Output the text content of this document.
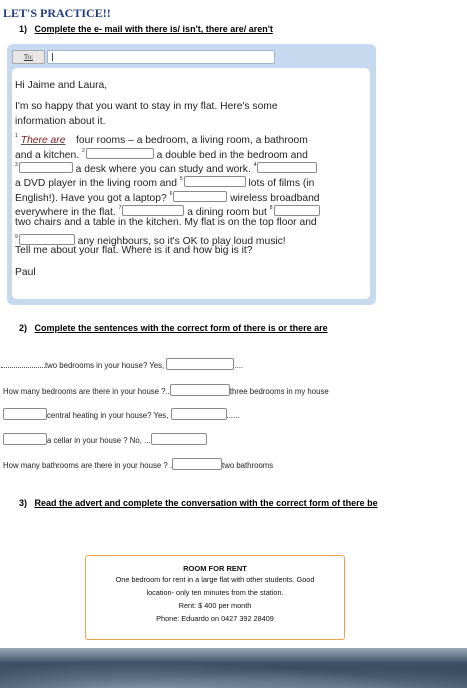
LET'S PRACTICE!!
1) Complete the e- mail with there is/ isn't, there are/ aren't
To:
Hi Jaime and Laura,
I'm so happy that you want to stay in my flat. Here's some
information about it.
$^1$ There are four rooms – a bedroom, a living room, a bathroom
and a kitchen. $^2$	a double bed in the bedroom and
$^3$	a desk where you can study and work. $^4$
a DVD player in the living room and $^5$	lots of films (in
English!). Have you got a laptop? $^6$	wireless broadband
everywhere in the flat. $^7$	a dining room but $^8$
two chairs and a table in the kitchen. My flat is on the top floor and
$^9$	any neighbours, so it's OK to play loud music!
Tell me about your flat. Where is it and how big is it?
Paul
2) Complete the sentences with the correct form of there is or there are
two bedrooms in your house? Yes,	....
How many bedrooms are there in your house ?..	three bedrooms in my house
central heating in your house? Yes,	......
a cellar in your house ? No, ...
How many bathrooms are there in your house ? .	two bathrooms
3) Read the advert and complete the conversation with the correct form of there be
ROOM FOR RENT
One bedroom for rent in a large flat with other students. Good
location- only ten minutes from the station.
Rent: $ 400 per month
Phone: Eduardo on 0427 392 28409
